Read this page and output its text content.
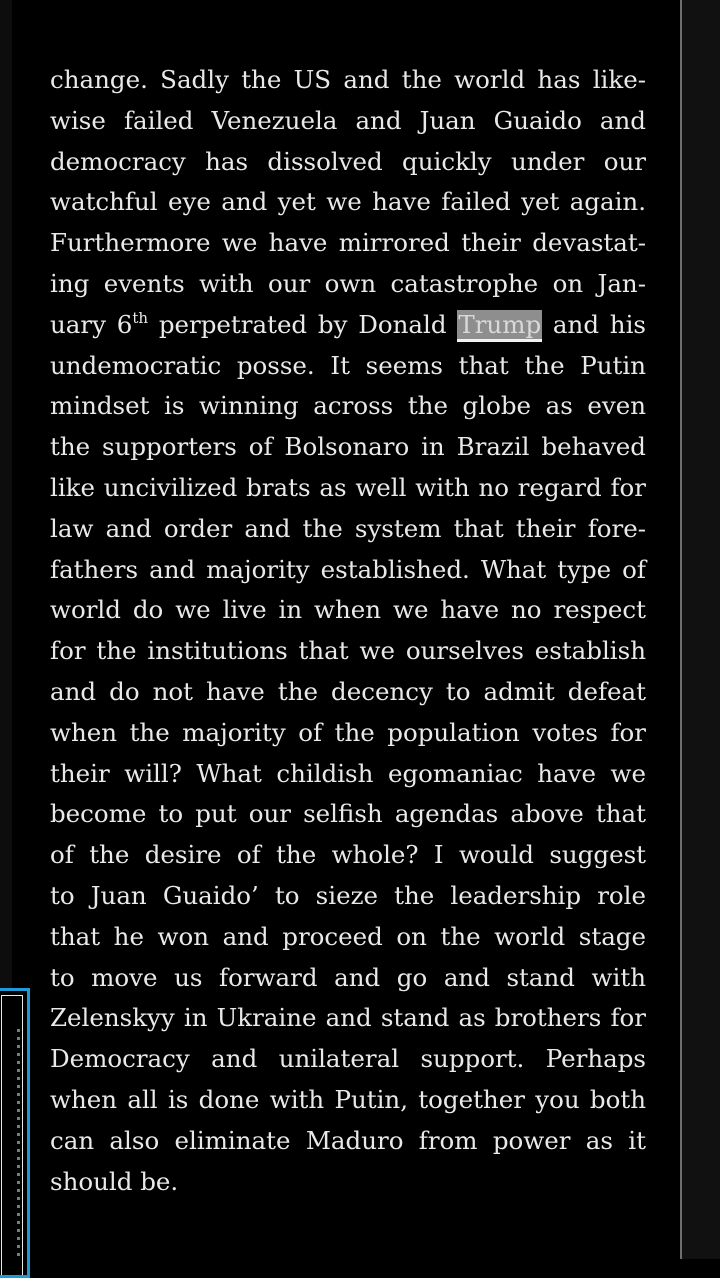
change. Sadly the US and the world has like-
wise failed Venezuela and Juan Guaido and
democracy has dissolved quickly under our
watchful eye and yet we have failed yet again.
Furthermore we have mirrored their devastat-
ing events with our own catastrophe on Jan-
uary 6th perpetrated by Donald Trump and his
undemocratic posse. It seems that the Putin
mindset is winning across the globe as even
the supporters of Bolsonaro in Brazil behaved
like uncivilized brats as well with no regard for
law and order and the system that their fore-
fathers and majority established. What type of
world do we live in when we have no respect
for the institutions that we ourselves establish
and do not have the decency to admit defeat
when the majority of the population votes for
their will? What childish egomaniac have we
become to put our selfish agendas above that
of the desire of the whole? I would suggest
to Juan Guaido’ to sieze the leadership role
that he won and proceed on the world stage
to move us forward and go and stand with
Zelenskyy in Ukraine and stand as brothers for
Democracy and unilateral support. Perhaps
when all is done with Putin, together you both
can also eliminate Maduro from power as it
should be.
